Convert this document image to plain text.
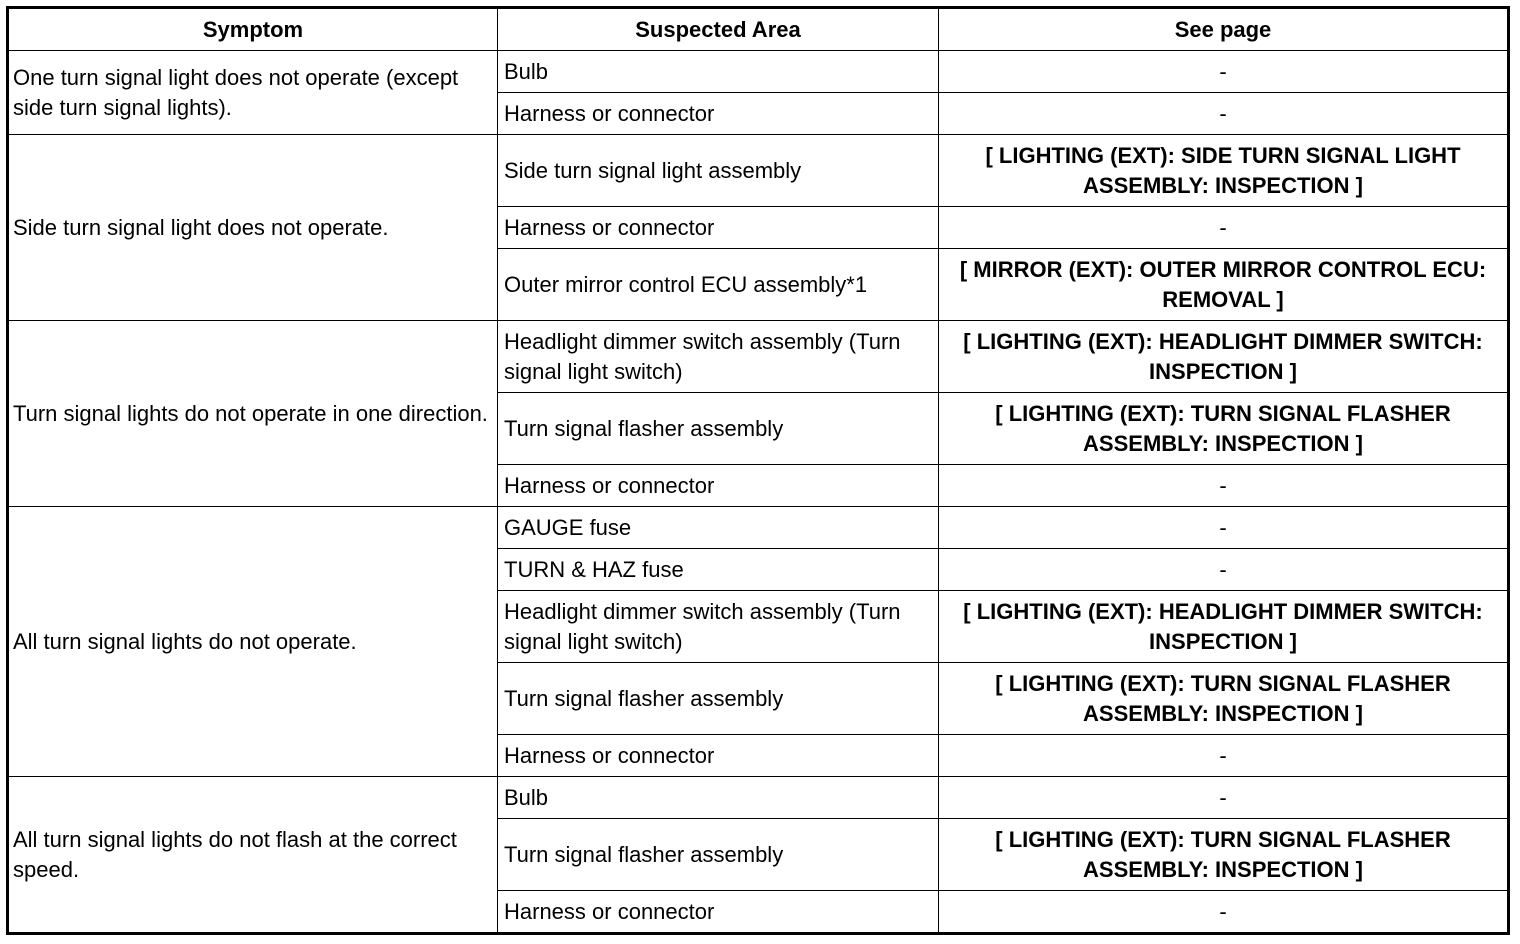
Symptom	Suspected Area	See page
One turn signal light does not operate (except side turn signal lights).	Bulb	-
	Harness or connector	-
Side turn signal light does not operate.	Side turn signal light assembly	[ LIGHTING (EXT): SIDE TURN SIGNAL LIGHT ASSEMBLY: INSPECTION ]
	Harness or connector	-
	Outer mirror control ECU assembly*1	[ MIRROR (EXT): OUTER MIRROR CONTROL ECU: REMOVAL ]
Turn signal lights do not operate in one direction.	Headlight dimmer switch assembly (Turn signal light switch)	[ LIGHTING (EXT): HEADLIGHT DIMMER SWITCH: INSPECTION ]
	Turn signal flasher assembly	[ LIGHTING (EXT): TURN SIGNAL FLASHER ASSEMBLY: INSPECTION ]
	Harness or connector	-
All turn signal lights do not operate.	GAUGE fuse	-
	TURN & HAZ fuse	-
	Headlight dimmer switch assembly (Turn signal light switch)	[ LIGHTING (EXT): HEADLIGHT DIMMER SWITCH: INSPECTION ]
	Turn signal flasher assembly	[ LIGHTING (EXT): TURN SIGNAL FLASHER ASSEMBLY: INSPECTION ]
	Harness or connector	-
All turn signal lights do not flash at the correct speed.	Bulb	-
	Turn signal flasher assembly	[ LIGHTING (EXT): TURN SIGNAL FLASHER ASSEMBLY: INSPECTION ]
	Harness or connector	-
